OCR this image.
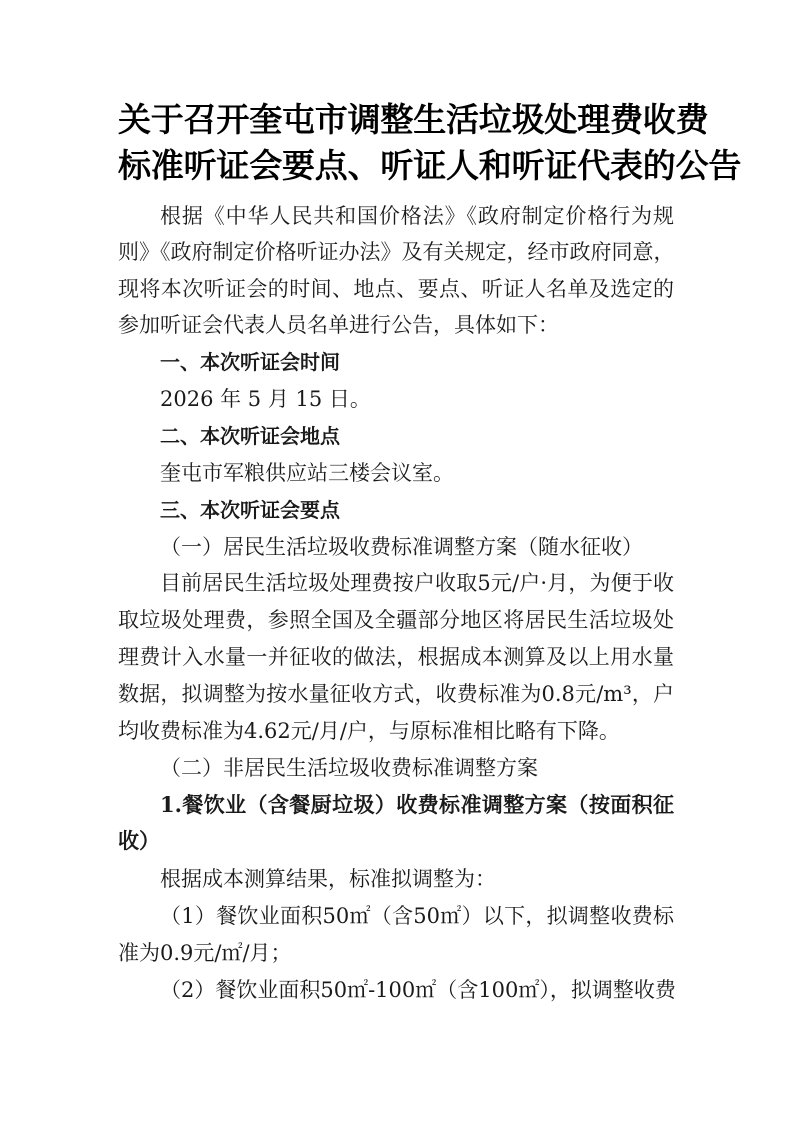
关于召开奎屯市调整生活垃圾处理费收费
标准听证会要点、听证人和听证代表的公告
根据《中华人民共和国价格法》《政府制定价格行为规
则》《政府制定价格听证办法》及有关规定，经市政府同意，
现将本次听证会的时间、地点、要点、听证人名单及选定的
参加听证会代表人员名单进行公告，具体如下：
一、本次听证会时间
2026 年 5 月 15 日。
二、本次听证会地点
奎屯市军粮供应站三楼会议室。
三、本次听证会要点
（一）居民生活垃圾收费标准调整方案（随水征收）
目前居民生活垃圾处理费按户收取5元/户·月，为便于收
取垃圾处理费，参照全国及全疆部分地区将居民生活垃圾处
理费计入水量一并征收的做法，根据成本测算及以上用水量
数据，拟调整为按水量征收方式，收费标准为0.8元/m³，户
均收费标准为4.62元/月/户，与原标准相比略有下降。
（二）非居民生活垃圾收费标准调整方案
1.餐饮业（含餐厨垃圾）收费标准调整方案（按面积征
收）
根据成本测算结果，标准拟调整为：
（1）餐饮业面积50㎡（含50㎡）以下，拟调整收费标
准为0.9元/㎡/月；
（2）餐饮业面积50㎡-100㎡（含100㎡），拟调整收费
